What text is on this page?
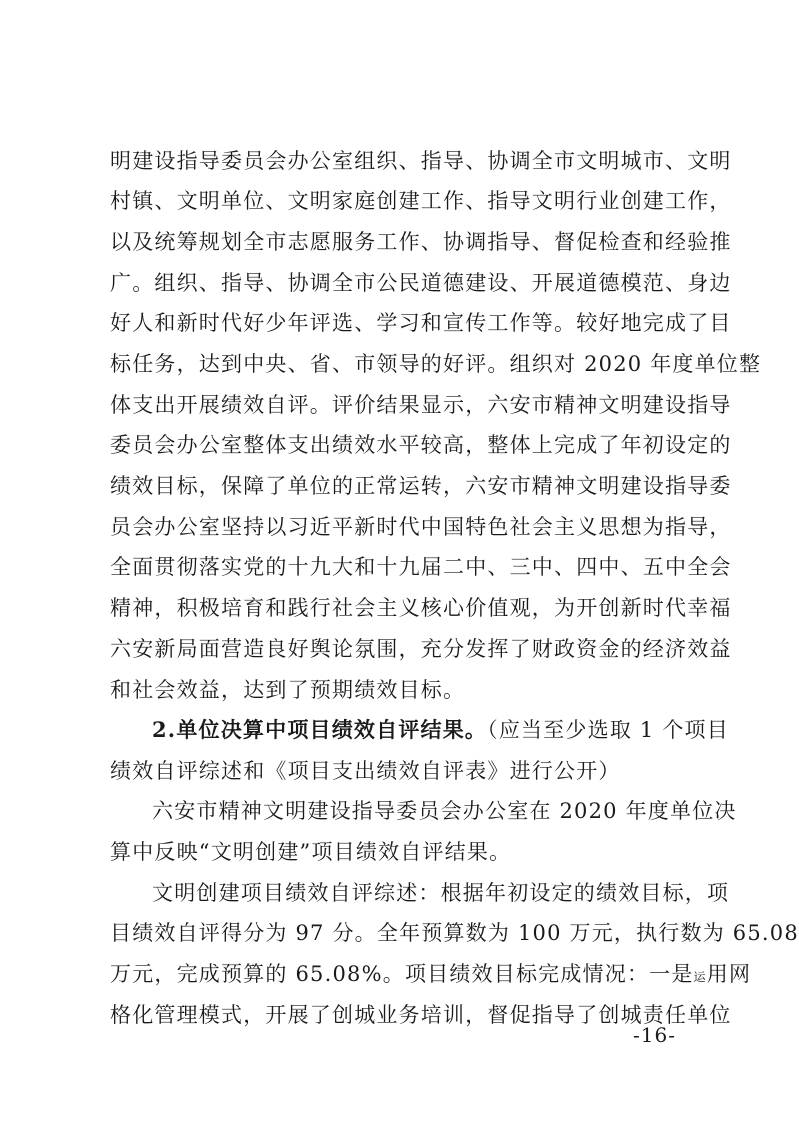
明建设指导委员会办公室组织、指导、协调全市文明城市、文明
村镇、文明单位、文明家庭创建工作、指导文明行业创建工作，
以及统筹规划全市志愿服务工作、协调指导、督促检查和经验推
广。组织、指导、协调全市公民道德建设、开展道德模范、身边
好人和新时代好少年评选、学习和宣传工作等。较好地完成了目
标任务，达到中央、省、市领导的好评。组织对 2020 年度单位整
体支出开展绩效自评。评价结果显示，六安市精神文明建设指导
委员会办公室整体支出绩效水平较高，整体上完成了年初设定的
绩效目标，保障了单位的正常运转，六安市精神文明建设指导委
员会办公室坚持以习近平新时代中国特色社会主义思想为指导，
全面贯彻落实党的十九大和十九届二中、三中、四中、五中全会
精神，积极培育和践行社会主义核心价值观，为开创新时代幸福
六安新局面营造良好舆论氛围，充分发挥了财政资金的经济效益
和社会效益，达到了预期绩效目标。
2.单位决算中项目绩效自评结果。（应当至少选取 1 个项目
绩效自评综述和《项目支出绩效自评表》进行公开）
六安市精神文明建设指导委员会办公室在 2020 年度单位决
算中反映“文明创建”项目绩效自评结果。
文明创建项目绩效自评综述：根据年初设定的绩效目标，项
目绩效自评得分为 97 分。全年预算数为 100 万元，执行数为 65.08
万元，完成预算的 65.08%。项目绩效目标完成情况：一是运用网
格化管理模式，开展了创城业务培训，督促指导了创城责任单位
-16-
